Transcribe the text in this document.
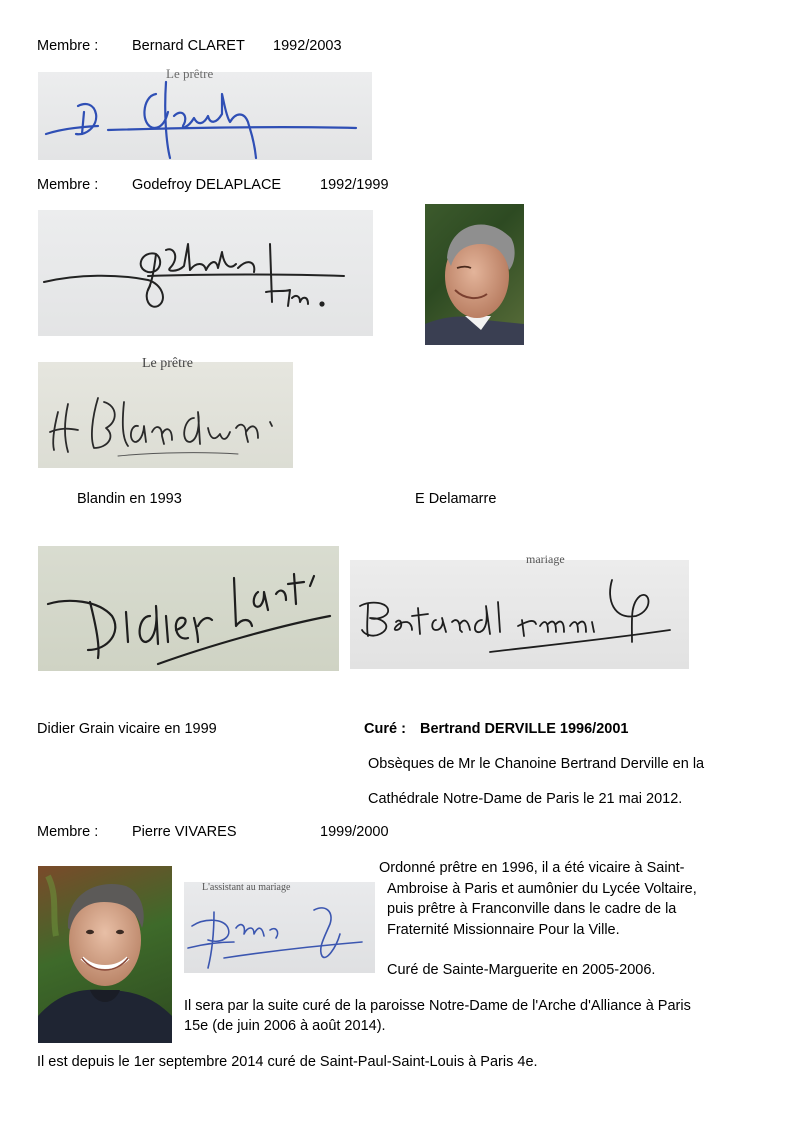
Membre : Bernard CLARET 1992/2003
Le prêtre
Membre : Godefroy DELAPLACE	1992/1999
Le prêtre
Blandin en 1993	E Delamarre
mariage
Didier Grain vicaire en 1999	Curé : Bertrand DERVILLE 1996/2001
Obsèques de Mr le Chanoine Bertrand Derville en la
Cathédrale Notre-Dame de Paris le 21 mai 2012.
Membre : Pierre VIVARES	1999/2000
L'assistant au mariage
Ordonné prêtre en 1996, il a été vicaire à Saint-
Ambroise à Paris et aumônier du Lycée Voltaire,
puis prêtre à Franconville dans le cadre de la
Fraternité Missionnaire Pour la Ville.
Curé de Sainte-Marguerite en 2005-2006.
Il sera par la suite curé de la paroisse Notre-Dame de l'Arche d'Alliance à Paris
15e (de juin 2006 à août 2014).
Il est depuis le 1er septembre 2014 curé de Saint-Paul-Saint-Louis à Paris 4e.
